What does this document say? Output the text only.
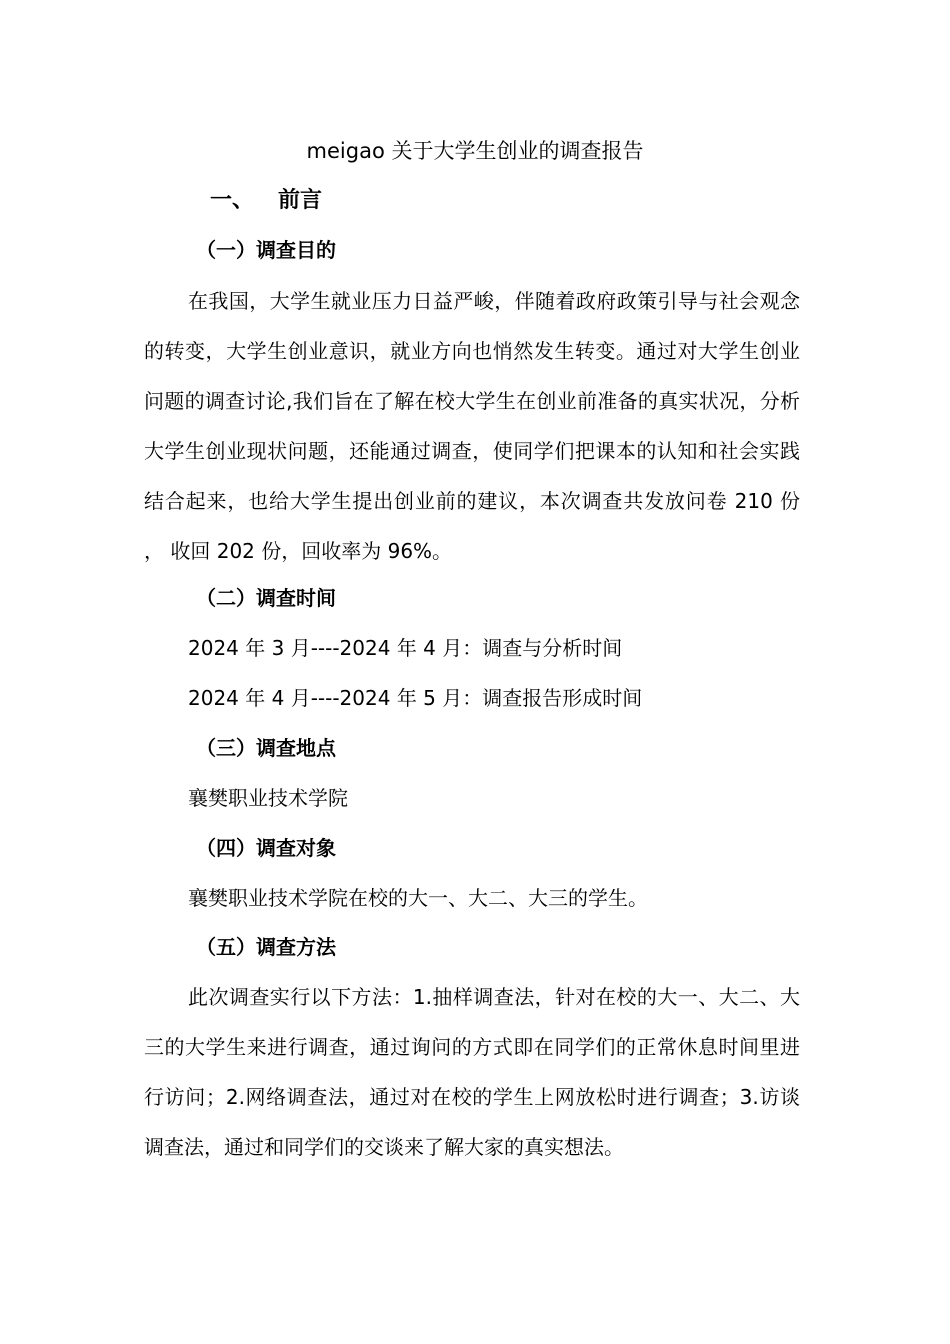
meigao 关于大学生创业的调查报告
一、 前言
（一）调查目的
在我国，大学生就业压力日益严峻，伴随着政府政策引导与社会观念的转变，大学生创业意识，就业方向也悄然发生转变。通过对大学生创业问题的调查讨论,我们旨在了解在校大学生在创业前准备的真实状况，分析大学生创业现状问题，还能通过调查，使同学们把课本的认知和社会实践结合起来，也给大学生提出创业前的建议，本次调查共发放问卷 210 份 ， 收回 202 份，回收率为 96%。
（二）调查时间
2024 年 3 月----2024 年 4 月：调查与分析时间
2024 年 4 月----2024 年 5 月：调查报告形成时间
（三）调查地点
襄樊职业技术学院
（四）调查对象
襄樊职业技术学院在校的大一、大二、大三的学生。
（五）调查方法
此次调查实行以下方法：1.抽样调查法，针对在校的大一、大二、大三的大学生来进行调查，通过询问的方式即在同学们的正常休息时间里进行访问；2.网络调查法，通过对在校的学生上网放松时进行调查；3.访谈调查法，通过和同学们的交谈来了解大家的真实想法。
